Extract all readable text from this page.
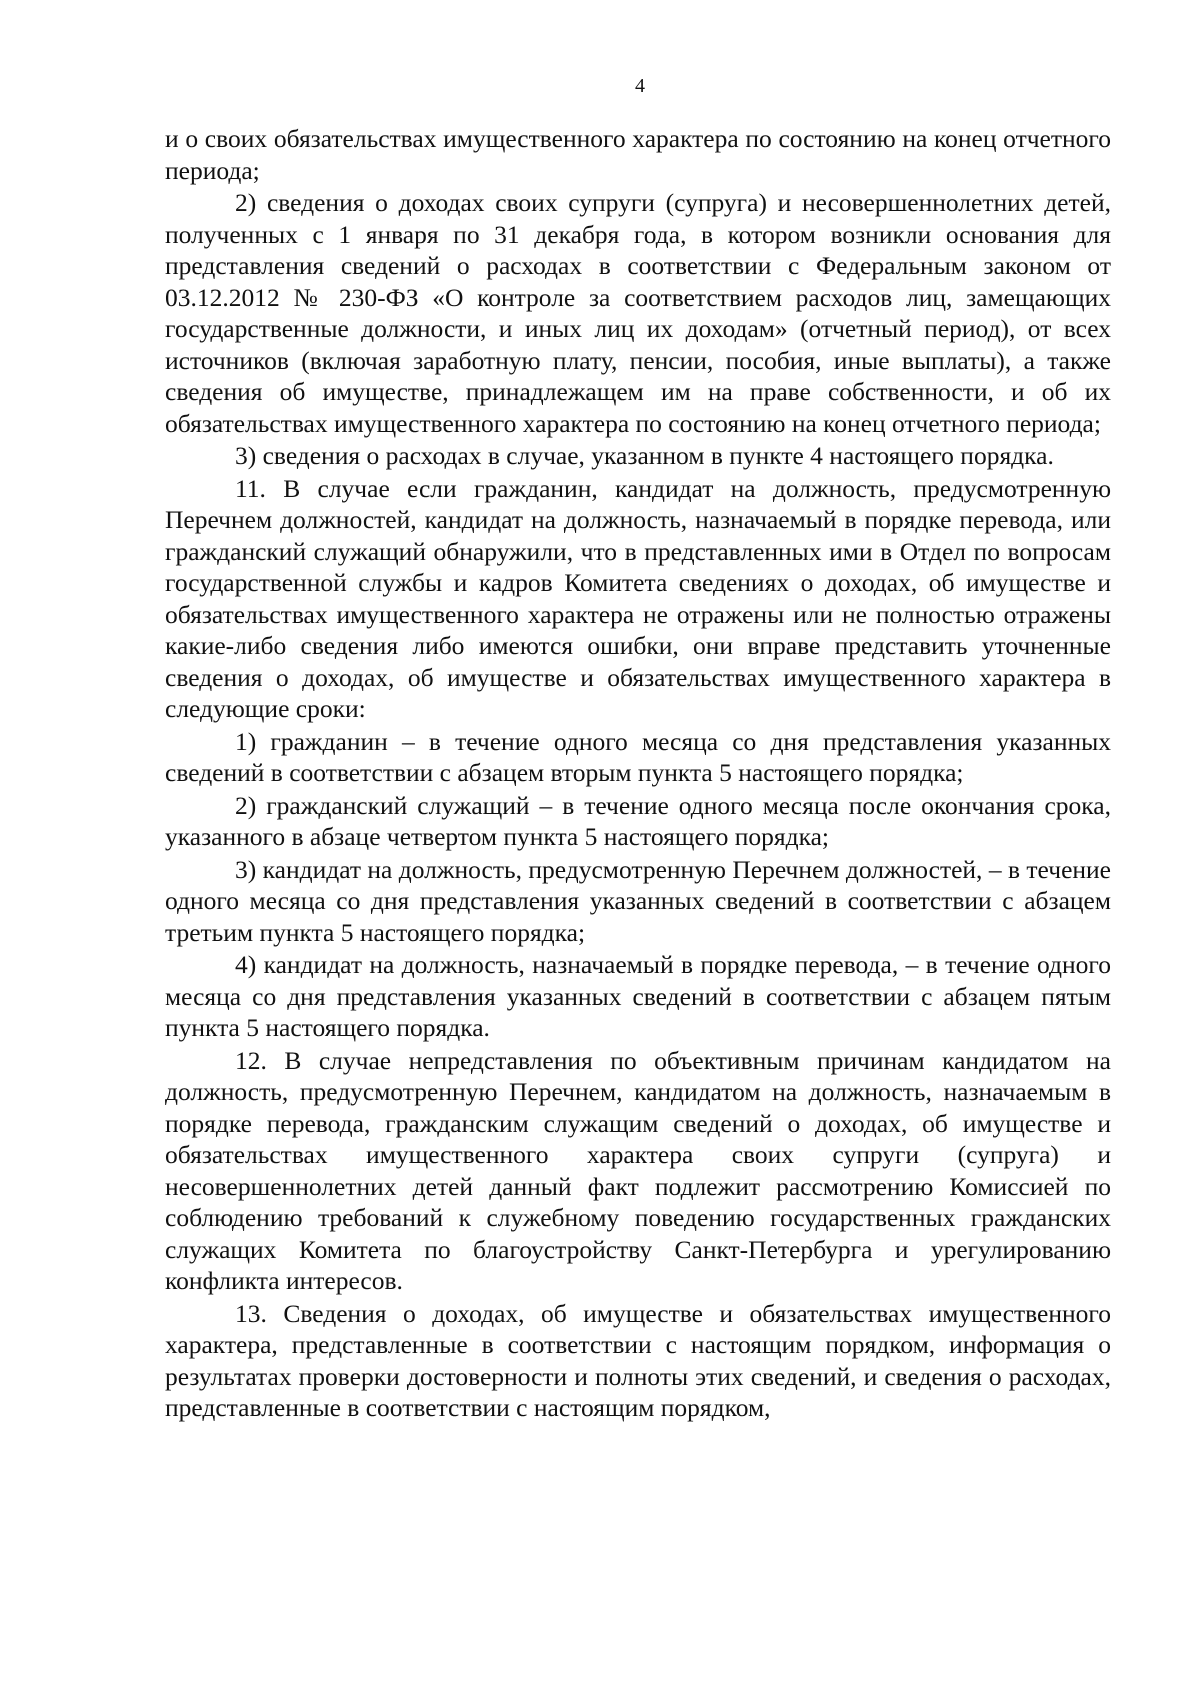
4

и о своих обязательствах имущественного характера по состоянию на конец отчетного периода;

2) сведения о доходах своих супруги (супруга) и несовершеннолетних детей, полученных с 1 января по 31 декабря года, в котором возникли основания для представления сведений о расходах в соответствии с Федеральным законом от 03.12.2012 № 230-ФЗ «О контроле за соответствием расходов лиц, замещающих государственные должности, и иных лиц их доходам» (отчетный период), от всех источников (включая заработную плату, пенсии, пособия, иные выплаты), а также сведения об имуществе, принадлежащем им на праве собственности, и об их обязательствах имущественного характера по состоянию на конец отчетного периода;

3) сведения о расходах в случае, указанном в пункте 4 настоящего порядка.

11. В случае если гражданин, кандидат на должность, предусмотренную Перечнем должностей, кандидат на должность, назначаемый в порядке перевода, или гражданский служащий обнаружили, что в представленных ими в Отдел по вопросам государственной службы и кадров Комитета сведениях о доходах, об имуществе и обязательствах имущественного характера не отражены или не полностью отражены какие-либо сведения либо имеются ошибки, они вправе представить уточненные сведения о доходах, об имуществе и обязательствах имущественного характера в следующие сроки:

1) гражданин – в течение одного месяца со дня представления указанных сведений в соответствии с абзацем вторым пункта 5 настоящего порядка;

2) гражданский служащий – в течение одного месяца после окончания срока, указанного в абзаце четвертом пункта 5 настоящего порядка;

3) кандидат на должность, предусмотренную Перечнем должностей, – в течение одного месяца со дня представления указанных сведений в соответствии с абзацем третьим пункта 5 настоящего порядка;

4) кандидат на должность, назначаемый в порядке перевода, – в течение одного месяца со дня представления указанных сведений в соответствии с абзацем пятым пункта 5 настоящего порядка.

12. В случае непредставления по объективным причинам кандидатом на должность, предусмотренную Перечнем, кандидатом на должность, назначаемым в порядке перевода, гражданским служащим сведений о доходах, об имуществе и обязательствах имущественного характера своих супруги (супруга) и несовершеннолетних детей данный факт подлежит рассмотрению Комиссией по соблюдению требований к служебному поведению государственных гражданских служащих Комитета по благоустройству Санкт-Петербурга и урегулированию конфликта интересов.

13. Сведения о доходах, об имуществе и обязательствах имущественного характера, представленные в соответствии с настоящим порядком, информация о результатах проверки достоверности и полноты этих сведений, и сведения о расходах, представленные в соответствии с настоящим порядком,
